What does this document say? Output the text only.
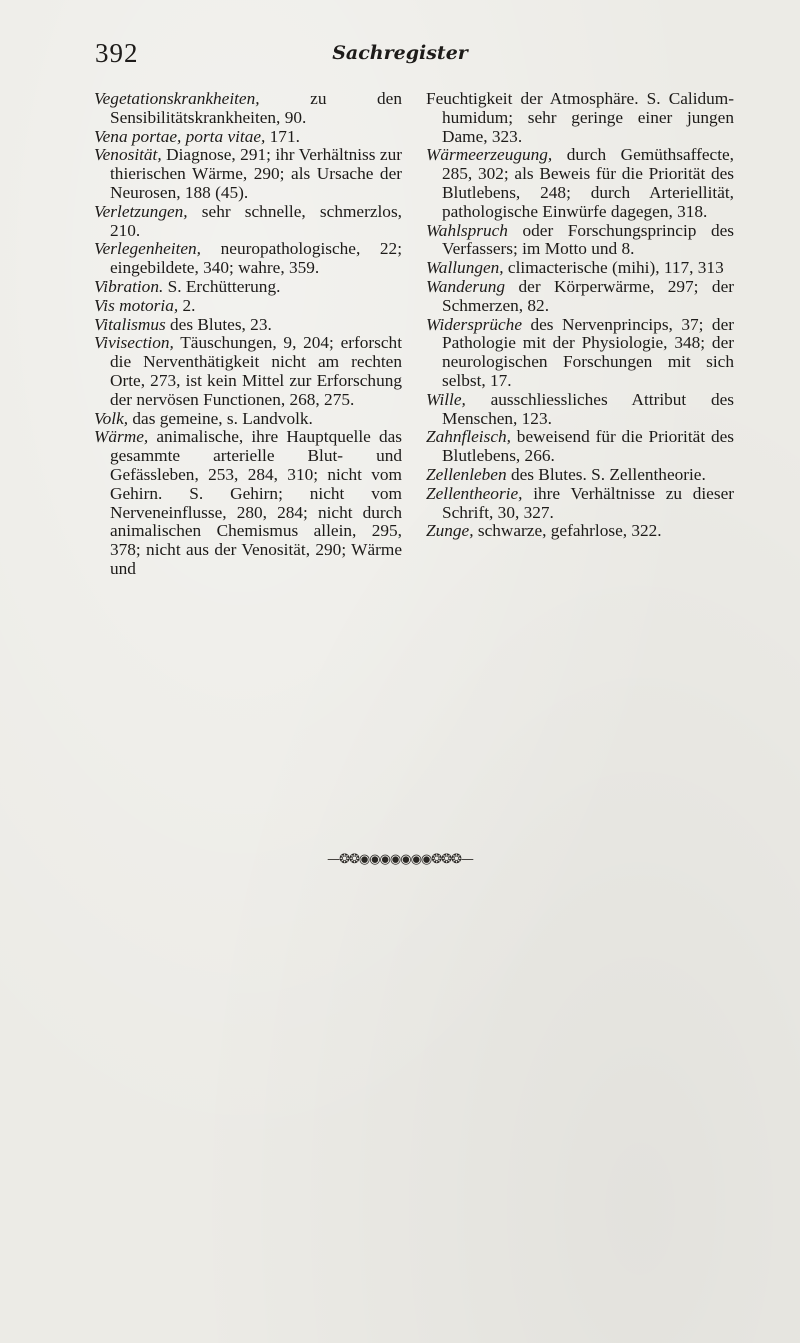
392	Sachregister

Vegetationskrankheiten, zu den Sensibilitätskrankheiten, 90.

Vena portae, porta vitae, 171.

Venosität, Diagnose, 291; ihr Verhältniss zur thierischen Wärme, 290; als Ursache der Neurosen, 188 (45).

Verletzungen, sehr schnelle, schmerzlos, 210.

Verlegenheiten, neuropathologische, 22; eingebildete, 340; wahre, 359.

Vibration. S. Erchütterung.

Vis motoria, 2.

Vitalismus des Blutes, 23.

Vivisection, Täuschungen, 9, 204; erforscht die Nerventhätigkeit nicht am rechten Orte, 273, ist kein Mittel zur Erforschung der nervösen Functionen, 268, 275.

Volk, das gemeine, s. Landvolk.

Wärme, animalische, ihre Hauptquelle das gesammte arterielle Blut- und Gefässleben, 253, 284, 310; nicht vom Gehirn. S. Gehirn; nicht vom Nerveneinflusse, 280, 284; nicht durch animalischen Chemismus allein, 295, 378; nicht aus der Venosität, 290; Wärme und

Feuchtigkeit der Atmosphäre. S. Calidum-humidum; sehr geringe einer jungen Dame, 323.

Wärmeerzeugung, durch Gemüthsaffecte, 285, 302; als Beweis für die Priorität des Blutlebens, 248; durch Arteriellität, pathologische Einwürfe dagegen, 318.

Wahlspruch oder Forschungsprincip des Verfassers; im Motto und 8.

Wallungen, climacterische (mihi), 117, 313

Wanderung der Körperwärme, 297; der Schmerzen, 82.

Widersprüche des Nervenprincips, 37; der Pathologie mit der Physiologie, 348; der neurologischen Forschungen mit sich selbst, 17.

Wille, ausschliessliches Attribut des Menschen, 123.

Zahnfleisch, beweisend für die Priorität des Blutlebens, 266.

Zellenleben des Blutes. S. Zellentheorie.

Zellentheorie, ihre Verhältnisse zu dieser Schrift, 30, 327.

Zunge, schwarze, gefahrlose, 322.

—❂❂◉◉◉◉◉◉◉❂❂❂—
